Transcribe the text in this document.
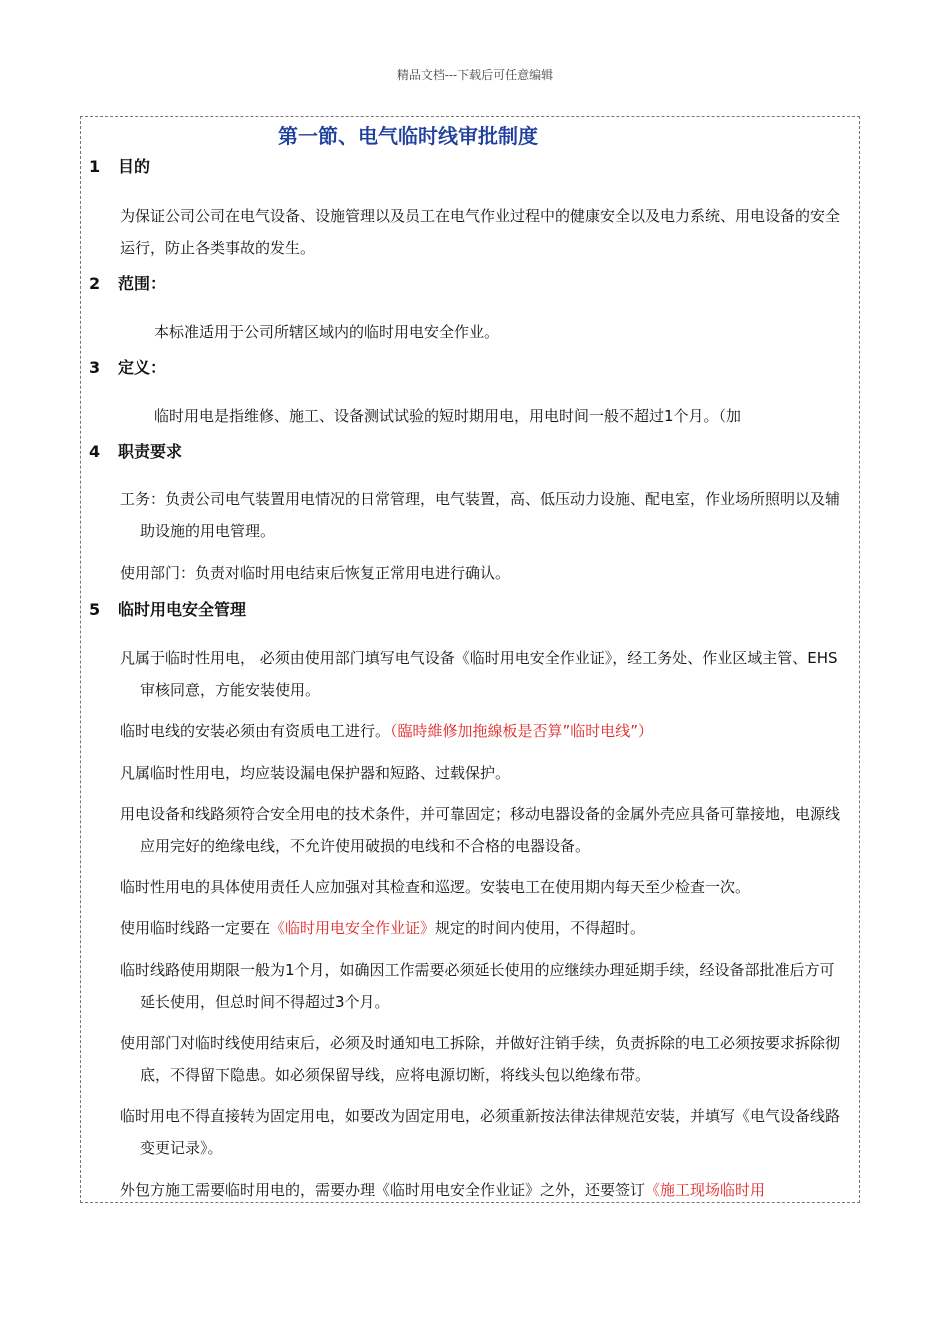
精品文档---下载后可任意编辑
第一節、电气临时线审批制度
1 目的

为保证公司公司在电气设备、设施管理以及员工在电气作业过程中的健康安全以及电力系统、用电设备的安全运行，防止各类事故的发生。

2 范围：

本标准适用于公司所辖区域内的临时用电安全作业。

3 定义：

临时用电是指维修、施工、设备测试试验的短时期用电，用电时间一般不超过1个月。（加

4 职责要求

工务：负责公司电气装置用电情况的日常管理，电气装置，高、低压动力设施、配电室，作业场所照明以及辅助设施的用电管理。

使用部门：负责对临时用电结束后恢复正常用电进行确认。

5 临时用电安全管理

凡属于临时性用电， 必须由使用部门填写电气设备《临时用电安全作业证》，经工务处、作业区域主管、EHS审核同意，方能安装使用。

临时电线的安装必须由有资质电工进行。（臨時維修加拖線板是否算”临时电线”）

凡属临时性用电，均应装设漏电保护器和短路、过载保护。

用电设备和线路须符合安全用电的技术条件，并可靠固定；移动电器设备的金属外壳应具备可靠接地，电源线应用完好的绝缘电线，不允许使用破损的电线和不合格的电器设备。

临时性用电的具体使用责任人应加强对其检查和巡逻。安装电工在使用期内每天至少检查一次。

使用临时线路一定要在《临时用电安全作业证》规定的时间内使用，不得超时。

临时线路使用期限一般为1个月，如确因工作需要必须延长使用的应继续办理延期手续，经设备部批准后方可延长使用，但总时间不得超过3个月。

使用部门对临时线使用结束后，必须及时通知电工拆除，并做好注销手续，负责拆除的电工必须按要求拆除彻底，不得留下隐患。如必须保留导线，应将电源切断，将线头包以绝缘布带。

临时用电不得直接转为固定用电，如要改为固定用电，必须重新按法律法律规范安装，并填写《电气设备线路变更记录》。

外包方施工需要临时用电的，需要办理《临时用电安全作业证》之外，还要签订《施工现场临时用
